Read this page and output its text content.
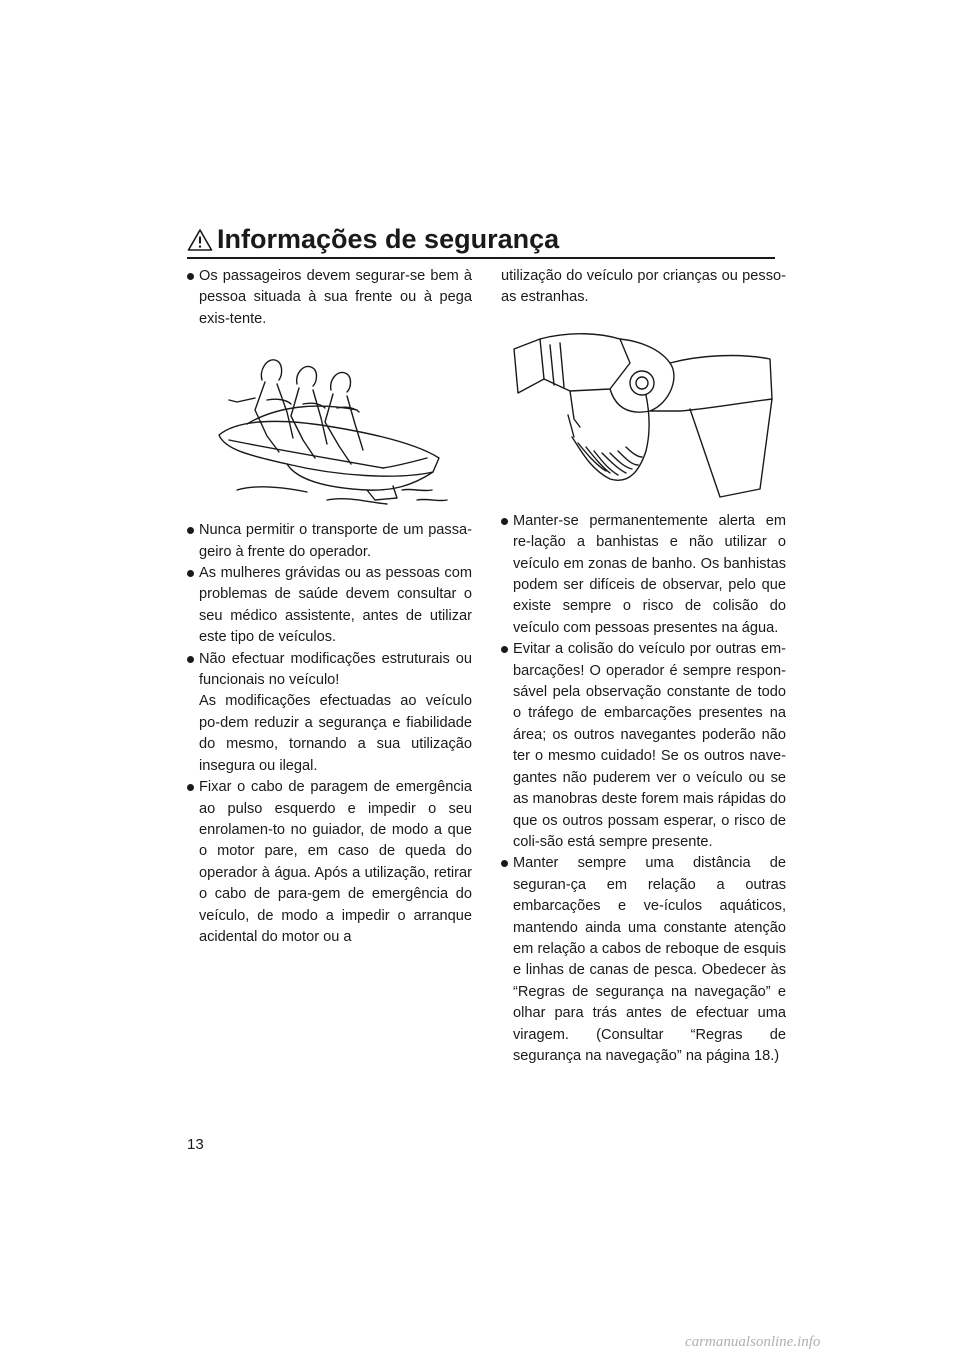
Informações de segurança

Os passageiros devem segurar-se bem à pessoa situada à sua frente ou à pega exis-tente.

Nunca permitir o transporte de um passa-geiro à frente do operador.

As mulheres grávidas ou as pessoas com problemas de saúde devem consultar o seu médico assistente, antes de utilizar este tipo de veículos.

Não efectuar modificações estruturais ou funcionais no veículo!
As modificações efectuadas ao veículo po-dem reduzir a segurança e fiabilidade do mesmo, tornando a sua utilização insegura ou ilegal.

Fixar o cabo de paragem de emergência ao pulso esquerdo e impedir o seu enrolamen-to no guiador, de modo a que o motor pare, em caso de queda do operador à água. Após a utilização, retirar o cabo de para-gem de emergência do veículo, de modo a impedir o arranque acidental do motor ou a

utilização do veículo por crianças ou pesso-as estranhas.

Manter-se permanentemente alerta em re-lação a banhistas e não utilizar o veículo em zonas de banho. Os banhistas podem ser difíceis de observar, pelo que existe sempre o risco de colisão do veículo com pessoas presentes na água.

Evitar a colisão do veículo por outras em-barcações! O operador é sempre respon-sável pela observação constante de todo o tráfego de embarcações presentes na área; os outros navegantes poderão não ter o mesmo cuidado! Se os outros nave-gantes não puderem ver o veículo ou se as manobras deste forem mais rápidas do que os outros possam esperar, o risco de coli-são está sempre presente.

Manter sempre uma distância de seguran-ça em relação a outras embarcações e ve-ículos aquáticos, mantendo ainda uma constante atenção em relação a cabos de reboque de esquis e linhas de canas de pesca. Obedecer às “Regras de segurança na navegação” e olhar para trás antes de efectuar uma viragem. (Consultar “Regras de segurança na navegação” na página 18.)

13
carmanualsonline.info
